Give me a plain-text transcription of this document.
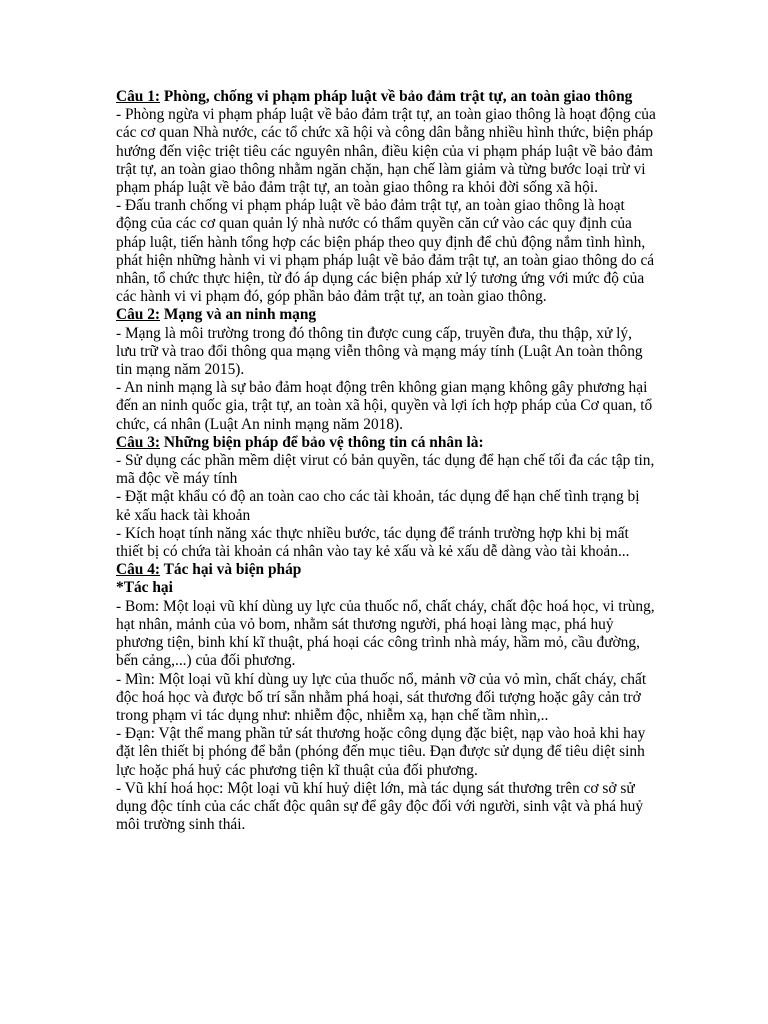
Câu 1: Phòng, chống vi phạm pháp luật về bảo đảm trật tự, an toàn giao thông

- Phòng ngừa vi phạm pháp luật về bảo đảm trật tự, an toàn giao thông là hoạt động của các cơ quan Nhà nước, các tổ chức xã hội và công dân bằng nhiều hình thức, biện pháp hướng đến việc triệt tiêu các nguyên nhân, điều kiện của vi phạm pháp luật về bảo đảm trật tự, an toàn giao thông nhằm ngăn chặn, hạn chế làm giảm và từng bước loại trừ vi phạm pháp luật về bảo đảm trật tự, an toàn giao thông ra khỏi đời sống xã hội.

- Đấu tranh chống vi phạm pháp luật về bảo đảm trật tự, an toàn giao thông là hoạt động của các cơ quan quản lý nhà nước có thẩm quyền căn cứ vào các quy định của pháp luật, tiến hành tổng hợp các biện pháp theo quy định để chủ động nắm tình hình, phát hiện những hành vi vi phạm pháp luật về bảo đảm trật tự, an toàn giao thông do cá nhân, tổ chức thực hiện, từ đó áp dụng các biện pháp xử lý tương ứng với mức độ của các hành vi vi phạm đó, góp phần bảo đảm trật tự, an toàn giao thông.

Câu 2: Mạng và an ninh mạng

- Mạng là môi trường trong đó thông tin được cung cấp, truyền đưa, thu thập, xử lý, lưu trữ và trao đổi thông qua mạng viễn thông và mạng máy tính (Luật An toàn thông tin mạng năm 2015).

- An ninh mạng là sự bảo đảm hoạt động trên không gian mạng không gây phương hại đến an ninh quốc gia, trật tự, an toàn xã hội, quyền và lợi ích hợp pháp của Cơ quan, tổ chức, cá nhân (Luật An ninh mạng năm 2018).

Câu 3: Những biện pháp để bảo vệ thông tin cá nhân là:

- Sử dụng các phần mềm diệt virut có bản quyền, tác dụng để hạn chế tối đa các tập tin, mã độc về máy tính

- Đặt mật khẩu có độ an toàn cao cho các tài khoản, tác dụng để hạn chế tình trạng bị kẻ xấu hack tài khoản

- Kích hoạt tính năng xác thực nhiều bước, tác dụng để tránh trường hợp khi bị mất thiết bị có chứa tài khoản cá nhân vào tay kẻ xấu và kẻ xấu dễ dàng vào tài khoản...

Câu 4: Tác hại và biện pháp

*Tác hại

- Bom: Một loại vũ khí dùng uy lực của thuốc nổ, chất cháy, chất độc hoá học, vi trùng, hạt nhân, mảnh của vỏ bom, nhằm sát thương người, phá hoại làng mạc, phá huỷ phương tiện, binh khí kĩ thuật, phá hoại các công trình nhà máy, hầm mỏ, cầu đường, bến cảng,...) của đối phương.

- Mìn: Một loại vũ khí dùng uy lực của thuốc nổ, mảnh vỡ của vỏ mìn, chất cháy, chất độc hoá học và được bố trí sẵn nhằm phá hoại, sát thương đối tượng hoặc gây cản trở trong phạm vi tác dụng như: nhiễm độc, nhiễm xạ, hạn chế tầm nhìn,..

- Đạn: Vật thể mang phần tử sát thương hoặc công dụng đặc biệt, nạp vào hoả khi hay đặt lên thiết bị phóng để bắn (phóng đến mục tiêu. Đạn được sử dụng để tiêu diệt sinh lực hoặc phá huỷ các phương tiện kĩ thuật của đối phương.

- Vũ khí hoá học: Một loại vũ khí huỷ diệt lớn, mà tác dụng sát thương trên cơ sở sử dụng độc tính của các chất độc quân sự để gây độc đối với người, sinh vật và phá huỷ môi trường sinh thái.
